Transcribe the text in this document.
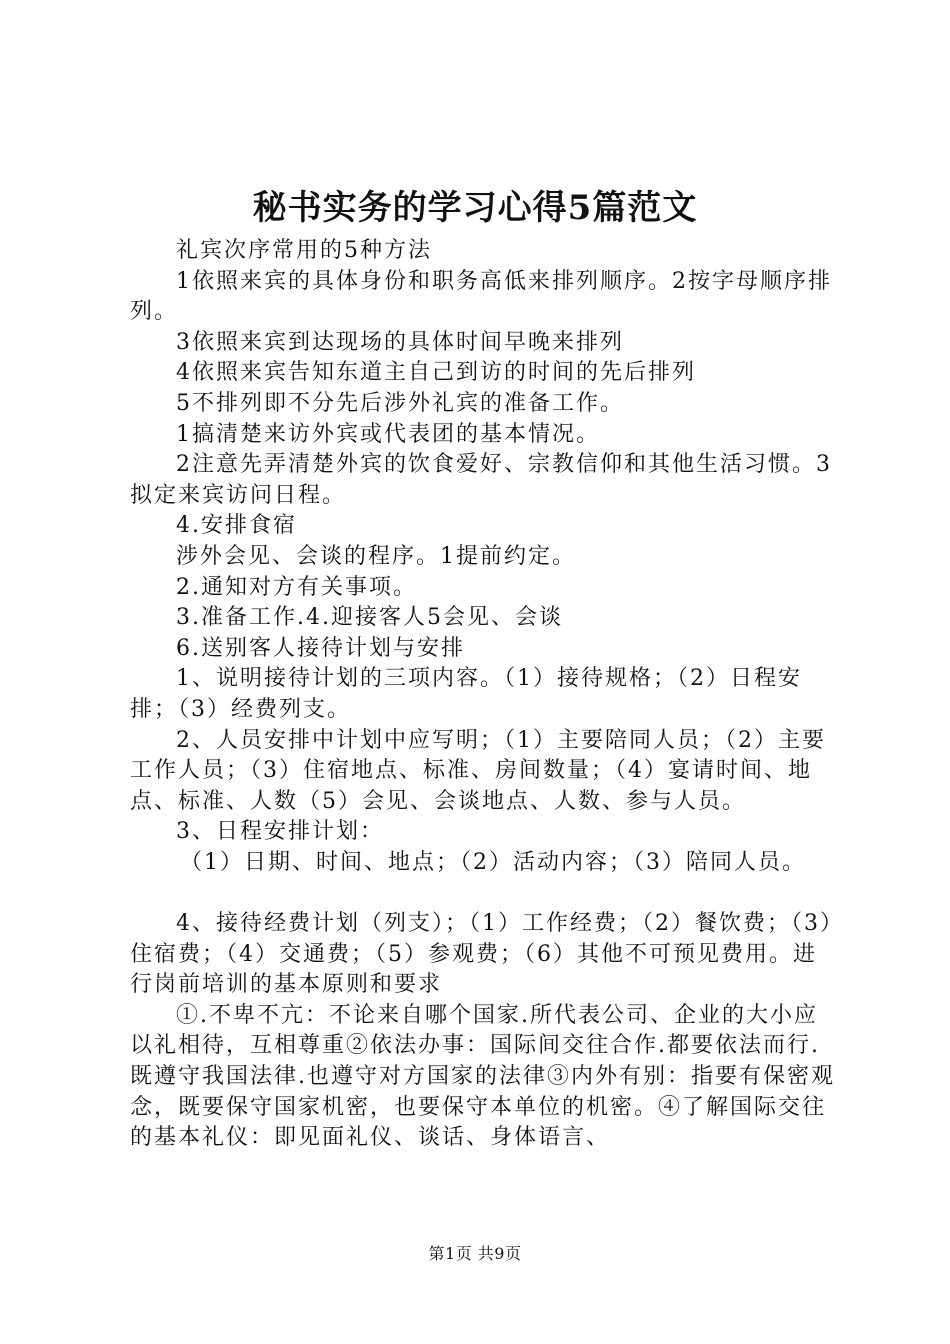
秘书实务的学习心得5篇范文

礼宾次序常用的5种方法

1依照来宾的具体身份和职务高低来排列顺序。2按字母顺序排列。

3依照来宾到达现场的具体时间早晚来排列

4依照来宾告知东道主自己到访的时间的先后排列

5不排列即不分先后涉外礼宾的准备工作。

1搞清楚来访外宾或代表团的基本情况。

2注意先弄清楚外宾的饮食爱好、宗教信仰和其他生活习惯。3拟定来宾访问日程。

4.安排食宿

涉外会见、会谈的程序。1提前约定。

2.通知对方有关事项。

3.准备工作.4.迎接客人5会见、会谈

6.送别客人接待计划与安排

1、说明接待计划的三项内容。（1）接待规格；（2）日程安排；（3）经费列支。

2、人员安排中计划中应写明；（1）主要陪同人员；（2）主要工作人员；（3）住宿地点、标准、房间数量；（4）宴请时间、地点、标准、人数（5）会见、会谈地点、人数、参与人员。

3、日程安排计划：

（1）日期、时间、地点；（2）活动内容；（3）陪同人员。

4、接待经费计划（列支）；（1）工作经费；（2）餐饮费；（3）住宿费；（4）交通费；（5）参观费；（6）其他不可预见费用。进行岗前培训的基本原则和要求

①.不卑不亢：不论来自哪个国家.所代表公司、企业的大小应以礼相待，互相尊重②依法办事：国际间交往合作.都要依法而行.既遵守我国法律.也遵守对方国家的法律③内外有别：指要有保密观念，既要保守国家机密，也要保守本单位的机密。④了解国际交往的基本礼仪：即见面礼仪、谈话、身体语言、

第1页 共9页
